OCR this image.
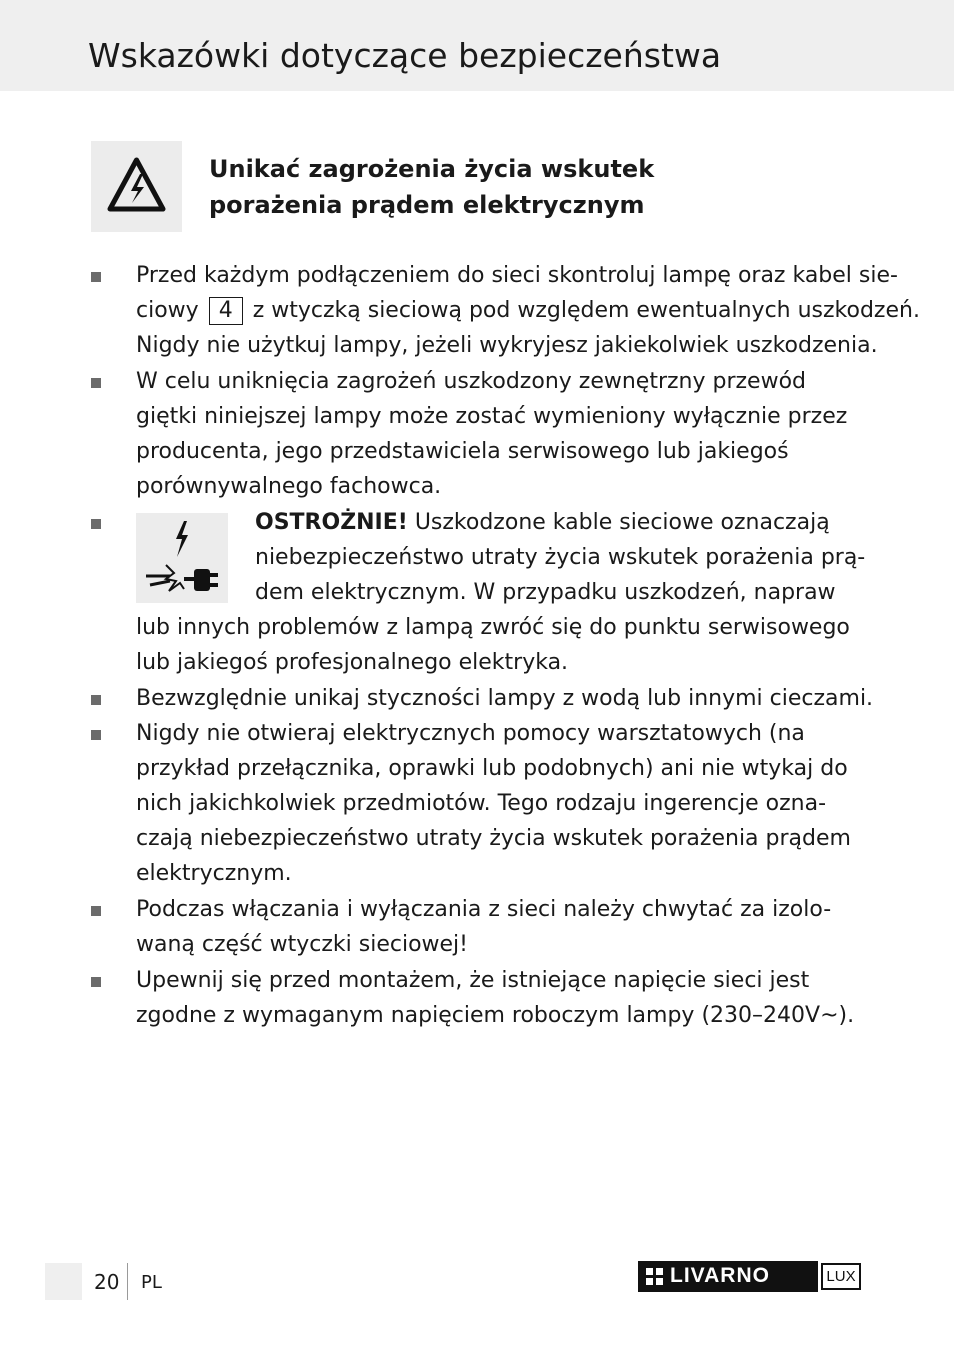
Wskazówki dotyczące bezpieczeństwa
Unikać zagrożenia życia wskutek
porażenia prądem elektrycznym
Przed każdym podłączeniem do sieci skontroluj lampę oraz kabel sie-
ciowy 4 z wtyczką sieciową pod względem ewentualnych uszkodzeń.
Nigdy nie użytkuj lampy, jeżeli wykryjesz jakiekolwiek uszkodzenia.
W celu uniknięcia zagrożeń uszkodzony zewnętrzny przewód
giętki niniejszej lampy może zostać wymieniony wyłącznie przez
producenta, jego przedstawiciela serwisowego lub jakiegoś
porównywalnego fachowca.
OSTROŻNIE! Uszkodzone kable sieciowe oznaczają
niebezpieczeństwo utraty życia wskutek porażenia prą-
dem elektrycznym. W przypadku uszkodzeń, napraw
lub innych problemów z lampą zwróć się do punktu serwisowego
lub jakiegoś profesjonalnego elektryka.
Bezwzględnie unikaj styczności lampy z wodą lub innymi cieczami.
Nigdy nie otwieraj elektrycznych pomocy warsztatowych (na
przykład przełącznika, oprawki lub podobnych) ani nie wtykaj do
nich jakichkolwiek przedmiotów. Tego rodzaju ingerencje ozna-
czają niebezpieczeństwo utraty życia wskutek porażenia prądem
elektrycznym.
Podczas włączania i wyłączania z sieci należy chwytać za izolo-
waną część wtyczki sieciowej!
Upewnij się przed montażem, że istniejące napięcie sieci jest
zgodne z wymaganym napięciem roboczym lampy (230–240V~).
20 PL	LIVARNO	LUX
